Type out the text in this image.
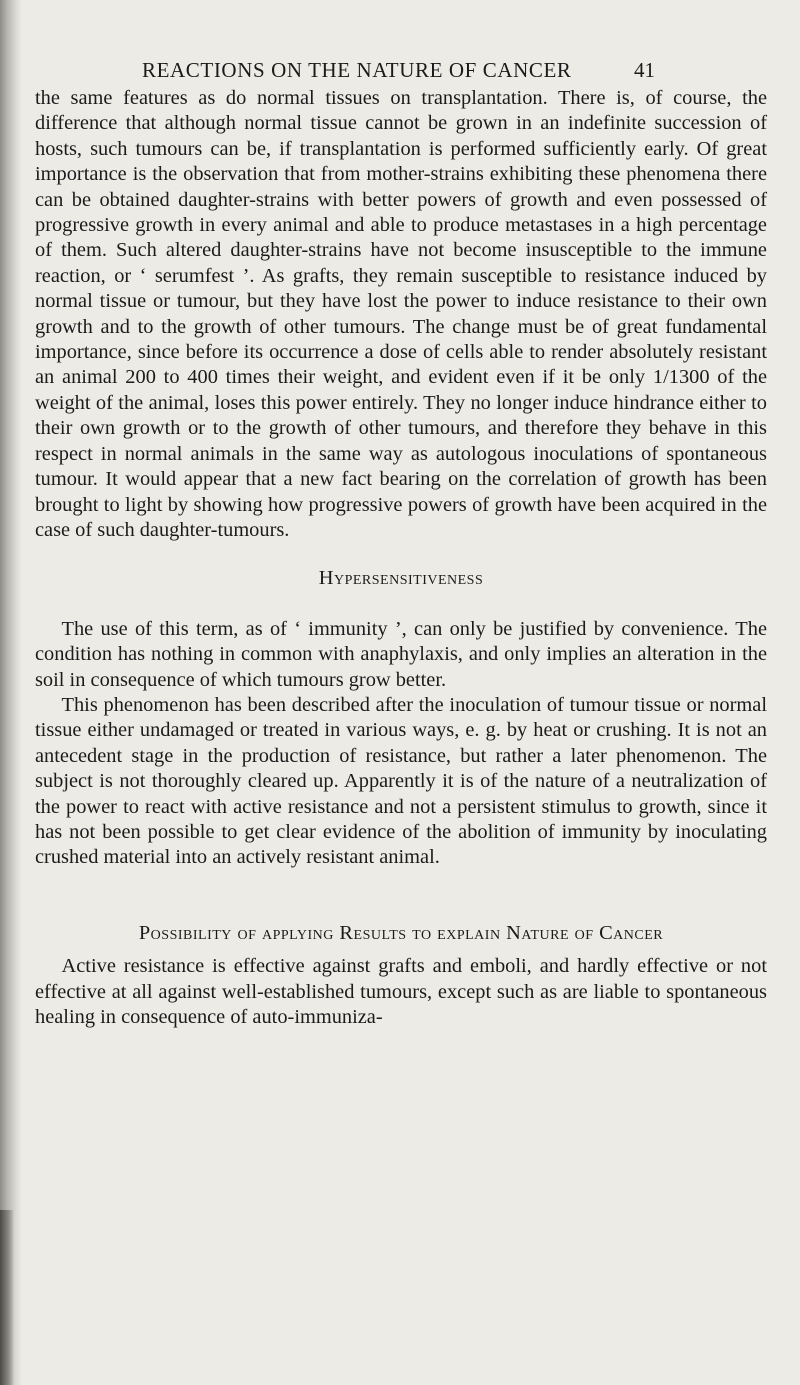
REACTIONS ON THE NATURE OF CANCER	41

the same features as do normal tissues on transplantation. There is, of course, the difference that although normal tissue cannot be grown in an indefinite succession of hosts, such tumours can be, if transplantation is performed sufficiently early. Of great importance is the observation that from mother-strains exhibiting these phenomena there can be obtained daughter-strains with better powers of growth and even possessed of progressive growth in every animal and able to produce metastases in a high percentage of them. Such altered daughter-strains have not become insusceptible to the immune reaction, or ‘ serumfest ’. As grafts, they remain susceptible to resistance induced by normal tissue or tumour, but they have lost the power to induce resistance to their own growth and to the growth of other tumours. The change must be of great fundamental importance, since before its occurrence a dose of cells able to render absolutely resistant an animal 200 to 400 times their weight, and evident even if it be only 1/1300 of the weight of the animal, loses this power entirely. They no longer induce hindrance either to their own growth or to the growth of other tumours, and therefore they behave in this respect in normal animals in the same way as autologous inoculations of spontaneous tumour. It would appear that a new fact bearing on the correlation of growth has been brought to light by showing how progressive powers of growth have been acquired in the case of such daughter-tumours.

Hypersensitiveness

The use of this term, as of ‘ immunity ’, can only be justified by convenience. The condition has nothing in common with anaphylaxis, and only implies an alteration in the soil in consequence of which tumours grow better.

This phenomenon has been described after the inoculation of tumour tissue or normal tissue either undamaged or treated in various ways, e. g. by heat or crushing. It is not an antecedent stage in the production of resistance, but rather a later phenomenon. The subject is not thoroughly cleared up. Apparently it is of the nature of a neutralization of the power to react with active resistance and not a persistent stimulus to growth, since it has not been possible to get clear evidence of the abolition of immunity by inoculating crushed material into an actively resistant animal.

Possibility of applying Results to explain Nature of Cancer

Active resistance is effective against grafts and emboli, and hardly effective or not effective at all against well-established tumours, except such as are liable to spontaneous healing in consequence of auto-immuniza-
